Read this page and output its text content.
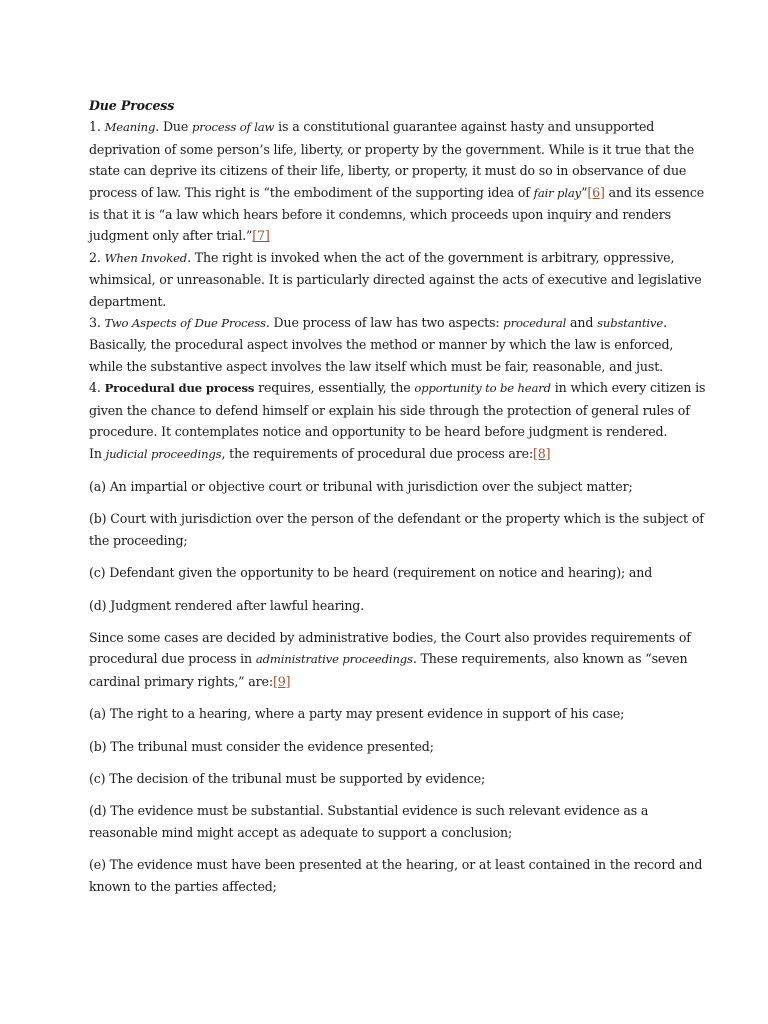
Due Process

1. Meaning. Due process of law is a constitutional guarantee against hasty and unsupported deprivation of some person’s life, liberty, or property by the government. While is it true that the state can deprive its citizens of their life, liberty, or property, it must do so in observance of due process of law. This right is “the embodiment of the supporting idea of fair play”[6] and its essence is that it is “a law which hears before it condemns, which proceeds upon inquiry and renders judgment only after trial.”[7]

2. When Invoked. The right is invoked when the act of the government is arbitrary, oppressive, whimsical, or unreasonable. It is particularly directed against the acts of executive and legislative department.

3. Two Aspects of Due Process. Due process of law has two aspects: procedural and substantive. Basically, the procedural aspect involves the method or manner by which the law is enforced, while the substantive aspect involves the law itself which must be fair, reasonable, and just.

4. Procedural due process requires, essentially, the opportunity to be heard in which every citizen is given the chance to defend himself or explain his side through the protection of general rules of procedure. It contemplates notice and opportunity to be heard before judgment is rendered.

In judicial proceedings, the requirements of procedural due process are:[8]

(a) An impartial or objective court or tribunal with jurisdiction over the subject matter;

(b) Court with jurisdiction over the person of the defendant or the property which is the subject of the proceeding;

(c) Defendant given the opportunity to be heard (requirement on notice and hearing); and

(d) Judgment rendered after lawful hearing.

Since some cases are decided by administrative bodies, the Court also provides requirements of procedural due process in administrative proceedings. These requirements, also known as “seven cardinal primary rights,” are:[9]

(a) The right to a hearing, where a party may present evidence in support of his case;

(b) The tribunal must consider the evidence presented;

(c) The decision of the tribunal must be supported by evidence;

(d) The evidence must be substantial. Substantial evidence is such relevant evidence as a reasonable mind might accept as adequate to support a conclusion;

(e) The evidence must have been presented at the hearing, or at least contained in the record and known to the parties affected;
